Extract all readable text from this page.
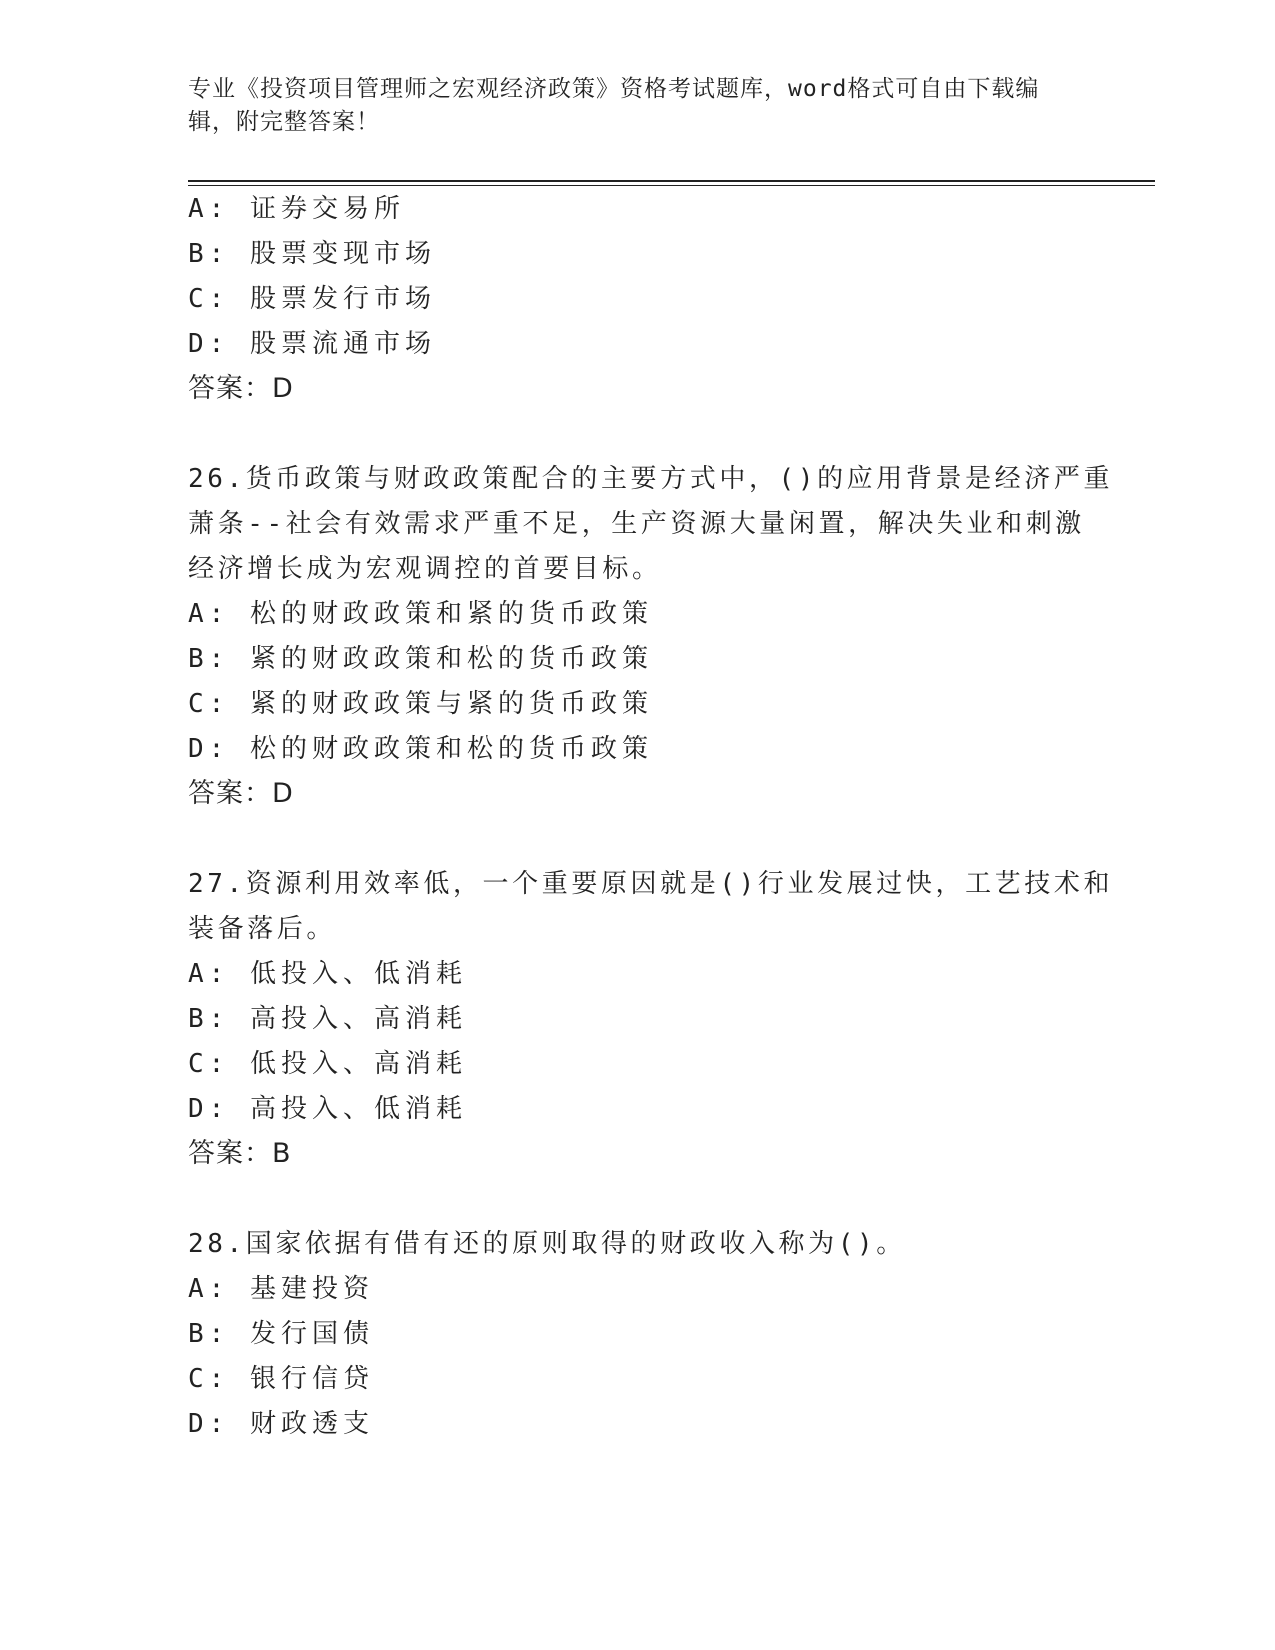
专业《投资项目管理师之宏观经济政策》资格考试题库，word格式可自由下载编
辑，附完整答案！
A: 证券交易所
B: 股票变现市场
C: 股票发行市场
D: 股票流通市场
答案：D
26.货币政策与财政政策配合的主要方式中，()的应用背景是经济严重
萧条--社会有效需求严重不足，生产资源大量闲置，解决失业和刺激
经济增长成为宏观调控的首要目标。
A: 松的财政政策和紧的货币政策
B: 紧的财政政策和松的货币政策
C: 紧的财政政策与紧的货币政策
D: 松的财政政策和松的货币政策
答案：D
27.资源利用效率低，一个重要原因就是()行业发展过快，工艺技术和
装备落后。
A: 低投入、低消耗
B: 高投入、高消耗
C: 低投入、高消耗
D: 高投入、低消耗
答案：B
28.国家依据有借有还的原则取得的财政收入称为()。
A: 基建投资
B: 发行国债
C: 银行信贷
D: 财政透支
